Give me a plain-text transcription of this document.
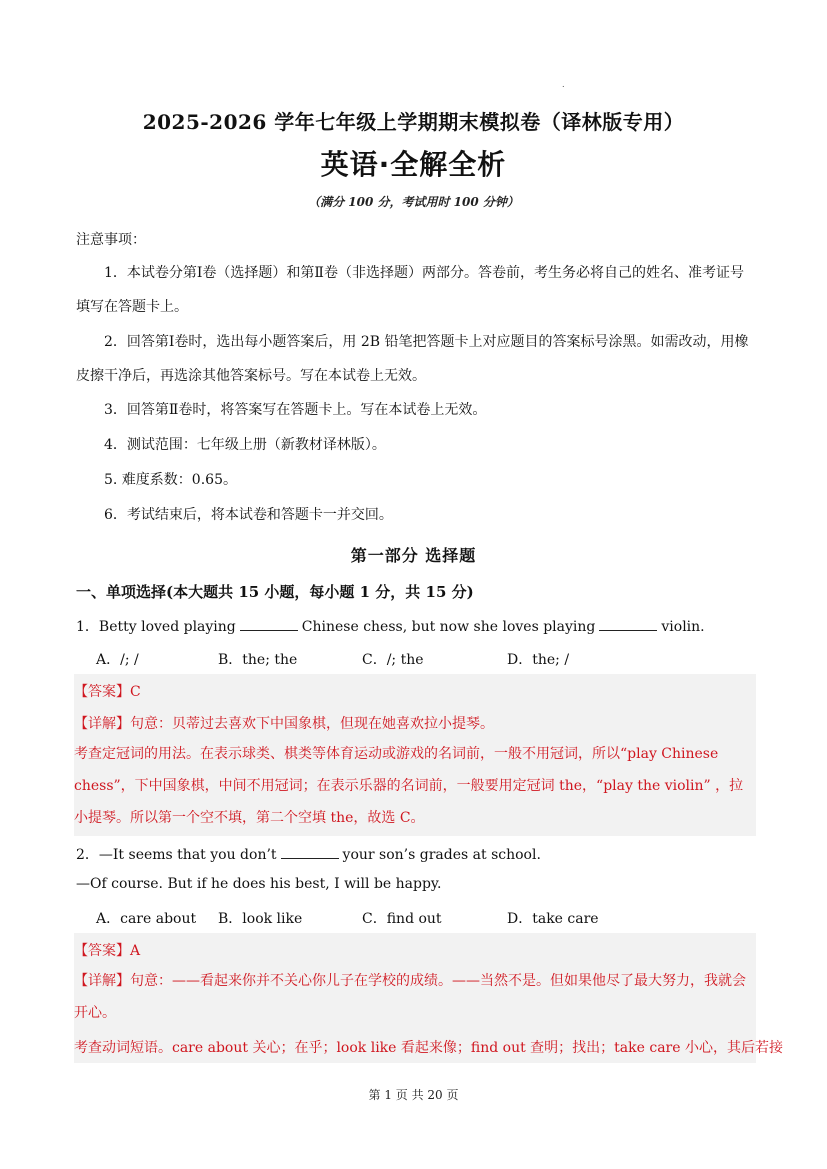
.
2025-2026 学年七年级上学期期末模拟卷（译林版专用）
英语·全解全析
（满分 100 分，考试用时 100 分钟）
注意事项：
1．本试卷分第Ⅰ卷（选择题）和第Ⅱ卷（非选择题）两部分。答卷前，考生务必将自己的姓名、准考证号填写在答题卡上。
2．回答第Ⅰ卷时，选出每小题答案后，用 2B 铅笔把答题卡上对应题目的答案标号涂黑。如需改动，用橡皮擦干净后，再选涂其他答案标号。写在本试卷上无效。
3．回答第Ⅱ卷时，将答案写在答题卡上。写在本试卷上无效。
4．测试范围：七年级上册（新教材译林版）。
5. 难度系数：0.65。
6．考试结束后，将本试卷和答题卡一并交回。
第一部分 选择题
一、单项选择(本大题共 15 小题，每小题 1 分，共 15 分)
1．Betty loved playing	Chinese chess, but now she loves playing	violin.
A．/; /	B．the; the	C．/; the	D．the; /
【答案】C
【详解】句意：贝蒂过去喜欢下中国象棋，但现在她喜欢拉小提琴。
考查定冠词的用法。在表示球类、棋类等体育运动或游戏的名词前，一般不用冠词，所以“play Chinese chess”，下中国象棋，中间不用冠词；在表示乐器的名词前，一般要用定冠词 the，“play the violin” ，拉小提琴。所以第一个空不填，第二个空填 the，故选 C。
2．—It seems that you don’t	your son’s grades at school.
—Of course. But if he does his best, I will be happy.
A．care about B．look like	C．find out	D．take care
【答案】A
【详解】句意：——看起来你并不关心你儿子在学校的成绩。——当然不是。但如果他尽了最大努力，我就会开心。
考查动词短语。care about 关心；在乎；look like 看起来像；find out 查明；找出；take care 小心，其后若接
第 1 页 共 20 页
